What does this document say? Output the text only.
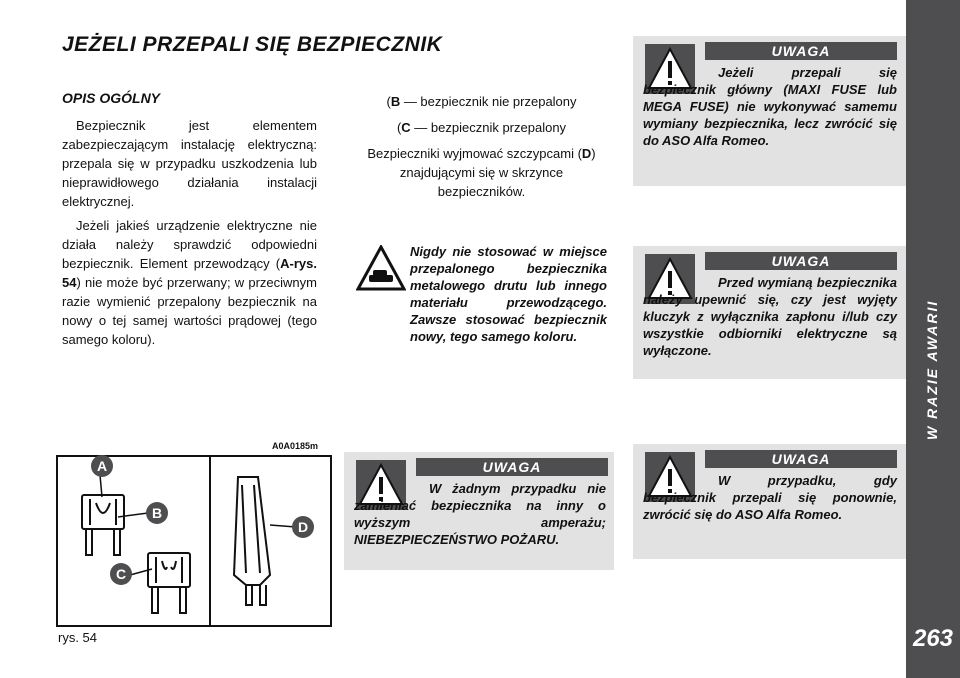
W RAZIE AWARII
263
JEŻELI PRZEPALI SIĘ BEZPIECZNIK
OPIS OGÓLNY

Bezpiecznik jest elementem zabezpieczającym instalację elektryczną: przepala się w przypadku uszkodzenia lub nieprawidłowego działania instalacji elektrycznej.

Jeżeli jakieś urządzenie elektryczne nie działa należy sprawdzić odpowiedni bezpiecznik. Element przewodzący (A-rys. 54) nie może być przerwany; w przeciwnym razie wymienić przepalony bezpiecznik na nowy o tej samej wartości prądowej (tego samego koloru).

(B — bezpiecznik nie przepalony

(C — bezpiecznik przepalony

Bezpieczniki wyjmować szczypcami (D) znajdującymi się w skrzynce bezpieczników.

Nigdy nie stosować w miejsce przepalonego bezpiecznika metalowego drutu lub innego materiału przewodzącego. Zawsze stosować bezpiecznik nowy, tego samego koloru.
UWAGA
Jeżeli przepali się bezpiecznik główny (MAXI FUSE lub MEGA FUSE) nie wykonywać samemu wymiany bezpiecznika, lecz zwrócić się do ASO Alfa Romeo.
UWAGA
Przed wymianą bezpiecznika należy upewnić się, czy jest wyjęty kluczyk z wyłącznika zapłonu i/lub czy wszystkie odbiorniki elektryczne są wyłączone.
UWAGA
W przypadku, gdy bezpiecznik przepali się ponownie, zwrócić się do ASO Alfa Romeo.
UWAGA
W żadnym przypadku nie zamieniać bezpiecznika na inny o wyższym amperażu; NIEBEZPIECZEŃSTWO POŻARU.
A0A0185m
A
B
C
D
rys. 54
